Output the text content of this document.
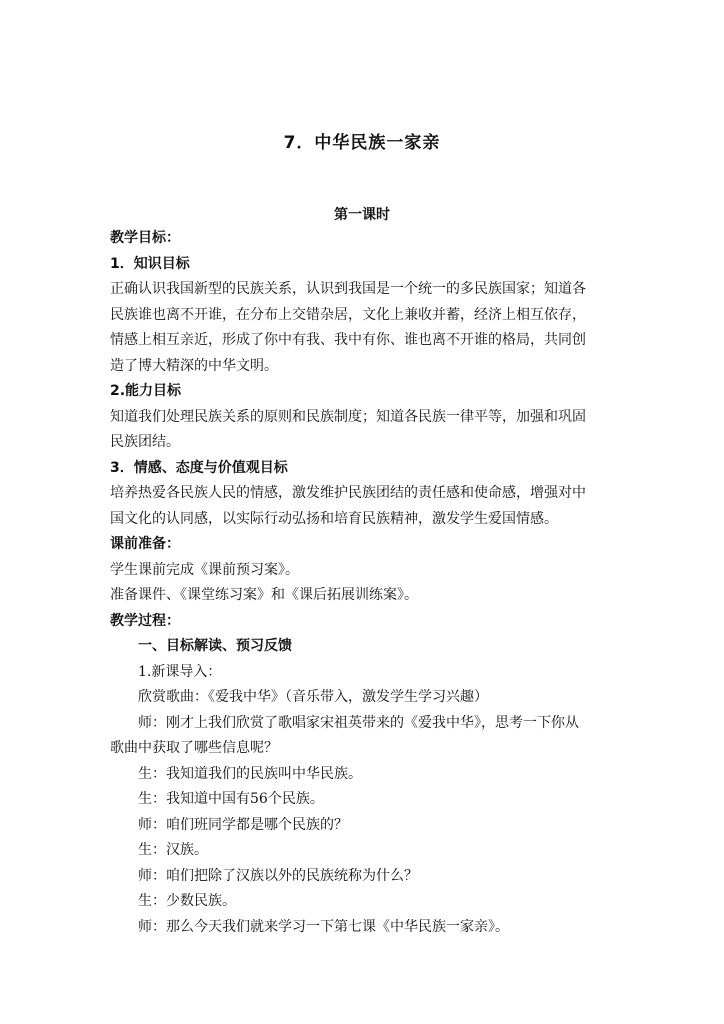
7．中华民族一家亲
第一课时

教学目标：

1．知识目标

正确认识我国新型的民族关系，认识到我国是一个统一的多民族国家；知道各

民族谁也离不开谁，在分布上交错杂居，文化上兼收并蓄，经济上相互依存，

情感上相互亲近，形成了你中有我、我中有你、谁也离不开谁的格局，共同创

造了博大精深的中华文明。

2.能力目标

知道我们处理民族关系的原则和民族制度；知道各民族一律平等，加强和巩固

民族团结。

3．情感、态度与价值观目标

培养热爱各民族人民的情感，激发维护民族团结的责任感和使命感，增强对中

国文化的认同感，以实际行动弘扬和培育民族精神，激发学生爱国情感。

课前准备：

学生课前完成《课前预习案》。

准备课件、《课堂练习案》和《课后拓展训练案》。

教学过程：

一、目标解读、预习反馈

1.新课导入：

欣赏歌曲：《爱我中华》（音乐带入，激发学生学习兴趣）

师：刚才上我们欣赏了歌唱家宋祖英带来的《爱我中华》，思考一下你从

歌曲中获取了哪些信息呢？

生：我知道我们的民族叫中华民族。

生：我知道中国有56个民族。

师：咱们班同学都是哪个民族的？

生：汉族。

师：咱们把除了汉族以外的民族统称为什么？

生：少数民族。

师：那么今天我们就来学习一下第七课《中华民族一家亲》。
